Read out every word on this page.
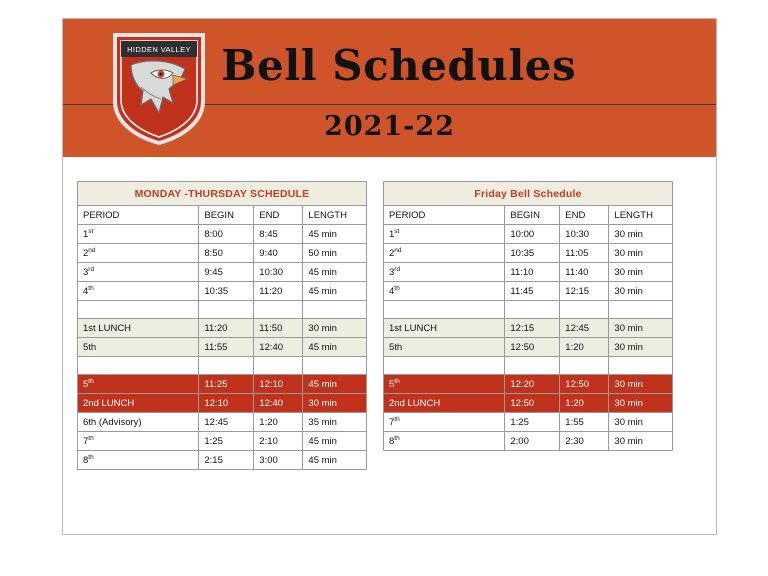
HIDDEN VALLEY Bell Schedules
2021-22
MONDAY -THURSDAY SCHEDULE			
PERIOD	BEGIN	END	LENGTH
1st	8:00	8:45	45 min
2nd	8:50	9:40	50 min
3rd	9:45	10:30	45 min
4th	10:35	11:20	45 min

1st LUNCH	11:20	11:50	30 min
5th	11:55	12:40	45 min

5th	11:25	12:10	45 min
2nd LUNCH	12:10	12:40	30 min
6th (Advisory)	12:45	1:20	35 min
7th	1:25	2:10	45 min
8th	2:15	3:00	45 min
Friday Bell Schedule			
PERIOD	BEGIN	END	LENGTH
1st	10:00	10:30	30 min
2nd	10:35	11:05	30 min
3rd	11:10	11:40	30 min
4th	11:45	12:15	30 min

1st LUNCH	12:15	12:45	30 min
5th	12:50	1:20	30 min

5th	12:20	12:50	30 min
2nd LUNCH	12:50	1:20	30 min
7th	1:25	1:55	30 min
8th	2:00	2:30	30 min
